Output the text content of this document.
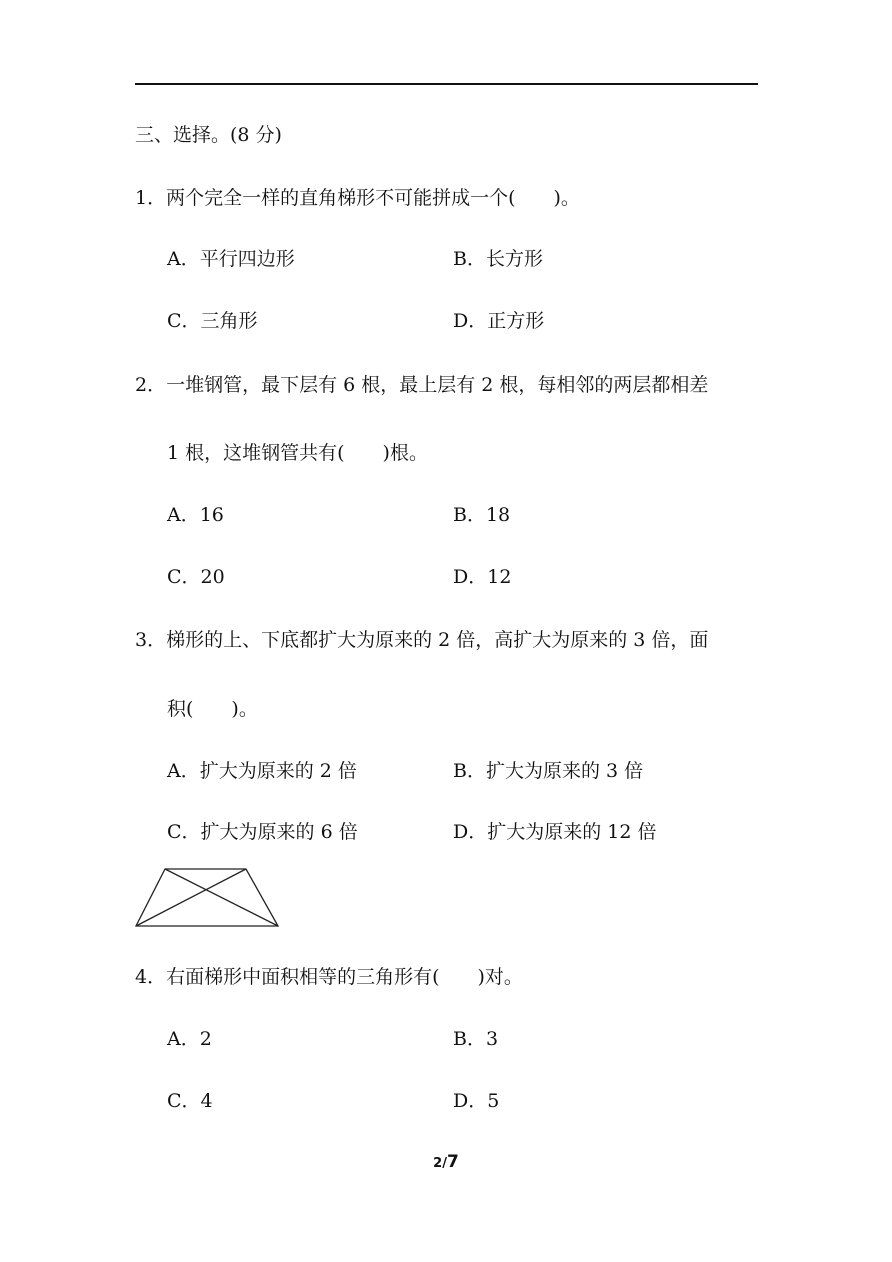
三、选择。(8 分)
1．两个完全一样的直角梯形不可能拼成一个(　　)。
A．平行四边形	B．长方形
C．三角形	D．正方形
2．一堆钢管，最下层有 6 根，最上层有 2 根，每相邻的两层都相差
1 根，这堆钢管共有(　　)根。
A．16	B．18
C．20	D．12
3．梯形的上、下底都扩大为原来的 2 倍，高扩大为原来的 3 倍，面
积(　　)。
A．扩大为原来的 2 倍	B．扩大为原来的 3 倍
C．扩大为原来的 6 倍	D．扩大为原来的 12 倍
4．右面梯形中面积相等的三角形有(　　)对。
A．2	B．3
C．4	D．5
2/7
